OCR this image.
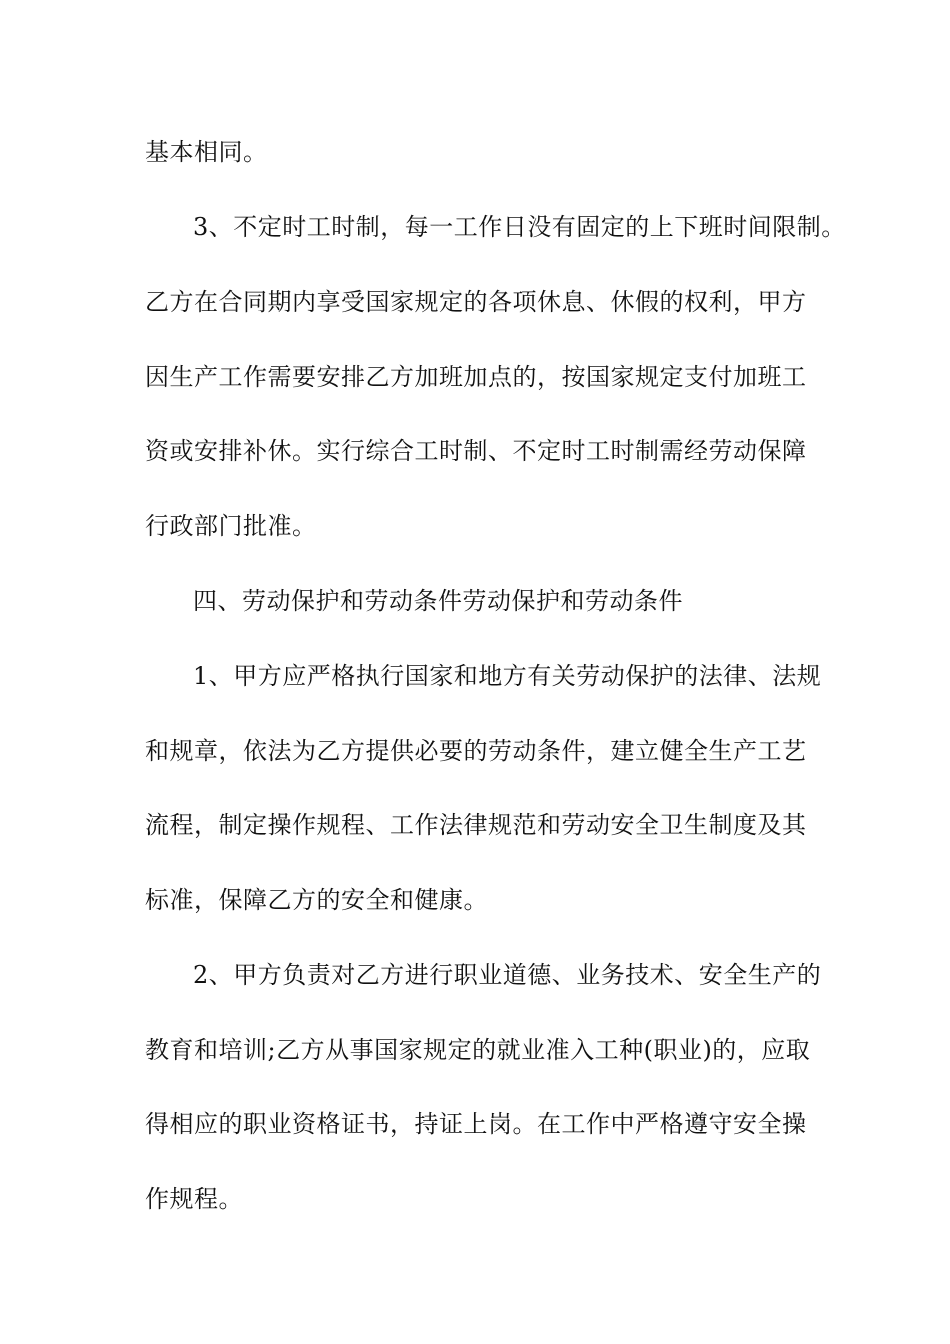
基本相同。
3、不定时工时制，每一工作日没有固定的上下班时间限制。
乙方在合同期内享受国家规定的各项休息、休假的权利，甲方
因生产工作需要安排乙方加班加点的，按国家规定支付加班工
资或安排补休。实行综合工时制、不定时工时制需经劳动保障
行政部门批准。
四、劳动保护和劳动条件劳动保护和劳动条件
1、甲方应严格执行国家和地方有关劳动保护的法律、法规
和规章，依法为乙方提供必要的劳动条件，建立健全生产工艺
流程，制定操作规程、工作法律规范和劳动安全卫生制度及其
标准，保障乙方的安全和健康。
2、甲方负责对乙方进行职业道德、业务技术、安全生产的
教育和培训;乙方从事国家规定的就业准入工种(职业)的，应取
得相应的职业资格证书，持证上岗。在工作中严格遵守安全操
作规程。
